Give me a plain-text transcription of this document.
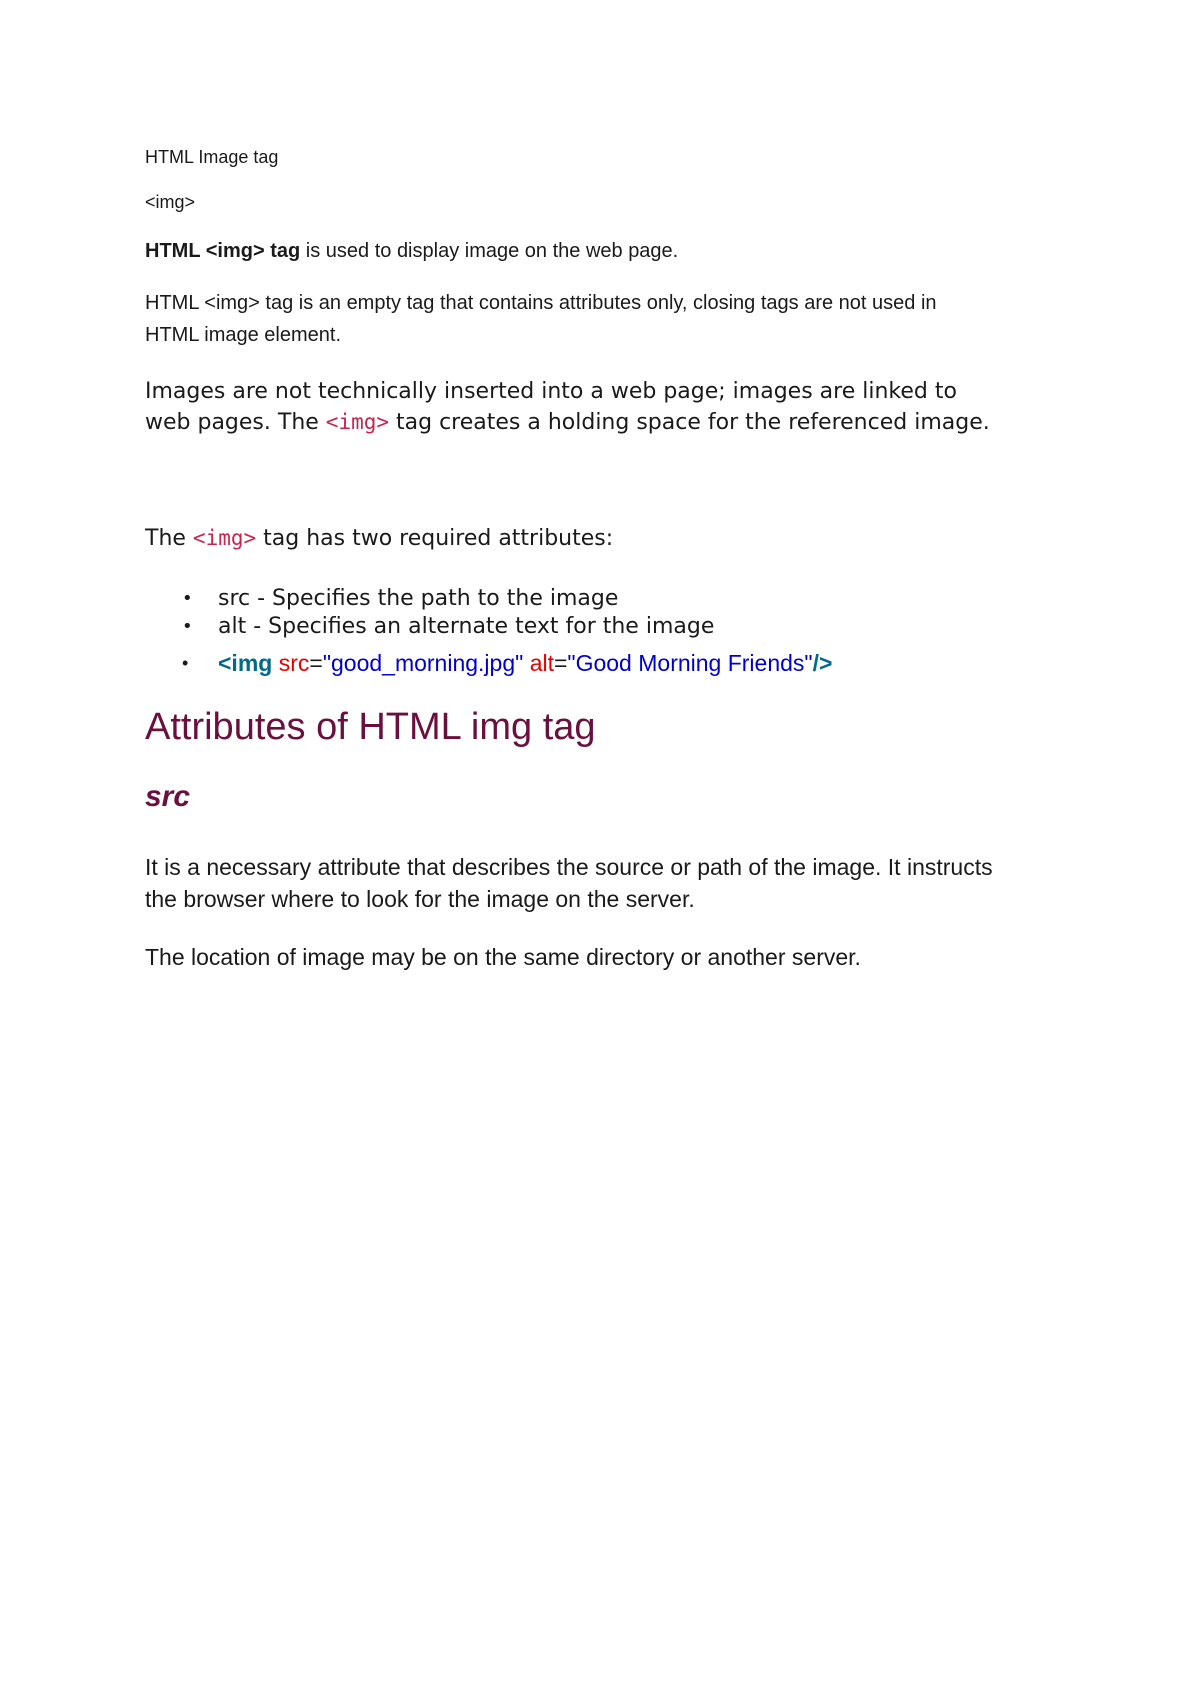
HTML Image tag

<img>

HTML <img> tag is used to display image on the web page.

HTML <img> tag is an empty tag that contains attributes only, closing tags are not used in
HTML image element.
Images are not technically inserted into a web page; images are linked to
web pages. The <img> tag creates a holding space for the referenced image.

The <img> tag has two required attributes:

• src - Specifies the path to the image
• alt - Specifies an alternate text for the image
• <img src="good_morning.jpg" alt="Good Morning Friends"/>
Attributes of HTML img tag
src
It is a necessary attribute that describes the source or path of the image. It instructs
the browser where to look for the image on the server.

The location of image may be on the same directory or another server.
